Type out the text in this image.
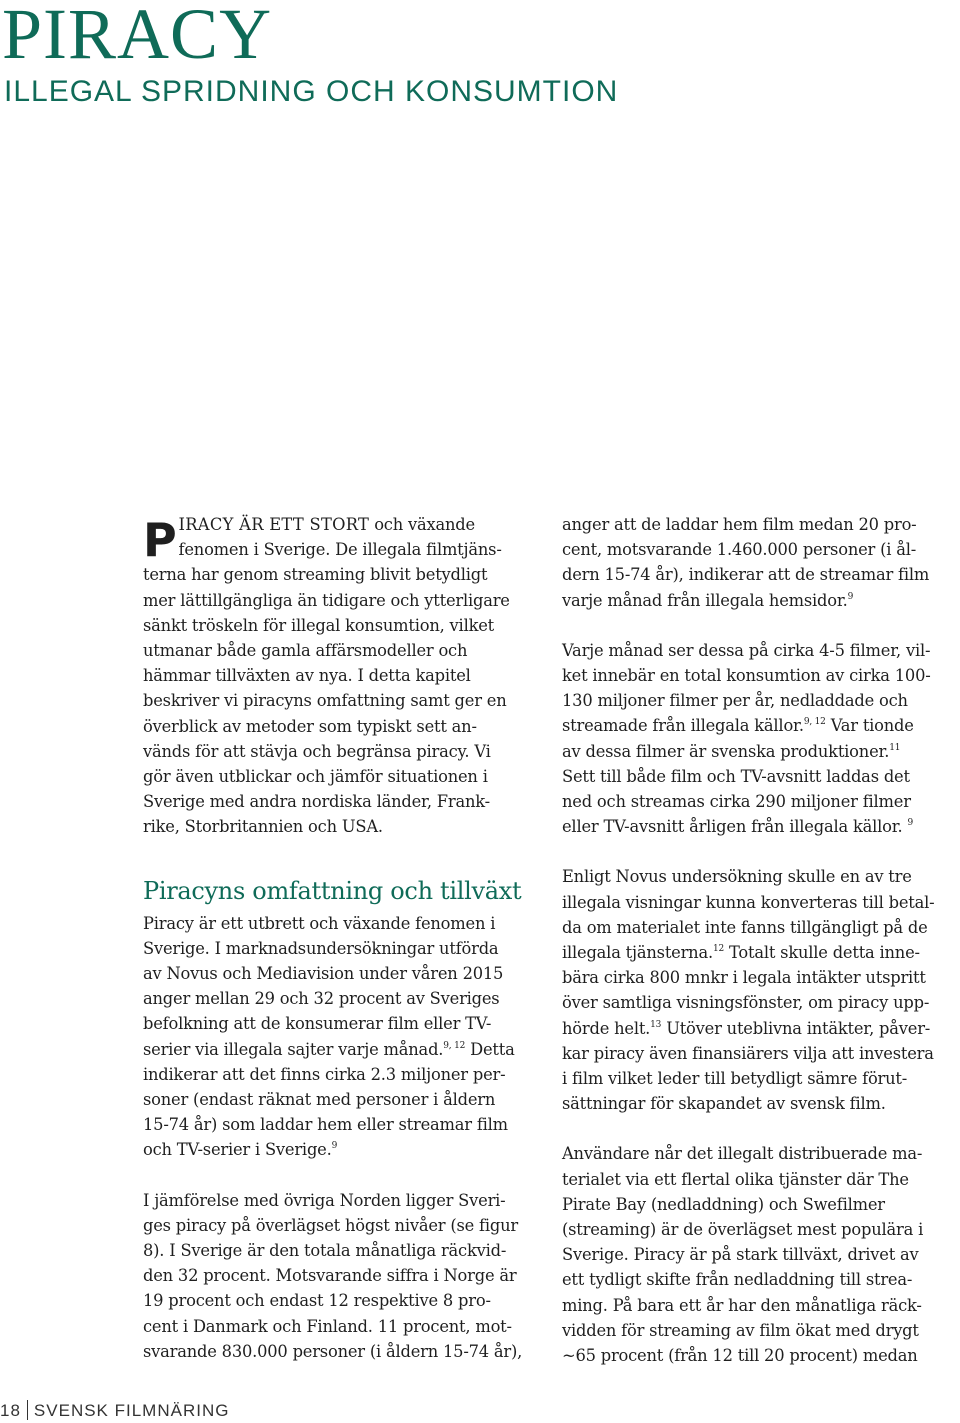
PIRACY
ILLEGAL SPRIDNING OCH KONSUMTION

PIRACY ÄR ETT STORT och växande
fenomen i Sverige. De illegala filmtjäns-
terna har genom streaming blivit betydligt
mer lättillgängliga än tidigare och ytterligare
sänkt tröskeln för illegal konsumtion, vilket
utmanar både gamla affärsmodeller och
hämmar tillväxten av nya. I detta kapitel
beskriver vi piracyns omfattning samt ger en
överblick av metoder som typiskt sett an-
vänds för att stävja och begränsa piracy. Vi
gör även utblickar och jämför situationen i
Sverige med andra nordiska länder, Frank-
rike, Storbritannien och USA.

Piracyns omfattning och tillväxt

Piracy är ett utbrett och växande fenomen i
Sverige. I marknadsundersökningar utförda
av Novus och Mediavision under våren 2015
anger mellan 29 och 32 procent av Sveriges
befolkning att de konsumerar film eller TV-
serier via illegala sajter varje månad.$^{9, 12}$ Detta
indikerar att det finns cirka 2.3 miljoner per-
soner (endast räknat med personer i åldern
15-74 år) som laddar hem eller streamar film
och TV-serier i Sverige.$^9$

I jämförelse med övriga Norden ligger Sveri-
ges piracy på överlägset högst nivåer (se figur
8). I Sverige är den totala månatliga räckvid-
den 32 procent. Motsvarande siffra i Norge är
19 procent och endast 12 respektive 8 pro-
cent i Danmark och Finland. 11 procent, mot-
svarande 830.000 personer (i åldern 15-74 år),

anger att de laddar hem film medan 20 pro-
cent, motsvarande 1.460.000 personer (i ål-
dern 15-74 år), indikerar att de streamar film
varje månad från illegala hemsidor.$^9$

Varje månad ser dessa på cirka 4-5 filmer, vil-
ket innebär en total konsumtion av cirka 100-
130 miljoner filmer per år, nedladdade och
streamade från illegala källor.$^{9, 12}$ Var tionde
av dessa filmer är svenska produktioner.$^{11}$
Sett till både film och TV-avsnitt laddas det
ned och streamas cirka 290 miljoner filmer
eller TV-avsnitt årligen från illegala källor. $^9$

Enligt Novus undersökning skulle en av tre
illegala visningar kunna konverteras till betal-
da om materialet inte fanns tillgängligt på de
illegala tjänsterna.$^{12}$ Totalt skulle detta inne-
bära cirka 800 mnkr i legala intäkter utspritt
över samtliga visningsfönster, om piracy upp-
hörde helt.$^{13}$ Utöver uteblivna intäkter, påver-
kar piracy även finansiärers vilja att investera
i film vilket leder till betydligt sämre förut-
sättningar för skapandet av svensk film.

Användare når det illegalt distribuerade ma-
terialet via ett flertal olika tjänster där The
Pirate Bay (nedladdning) och Swefilmer
(streaming) är de överlägset mest populära i
Sverige. Piracy är på stark tillväxt, drivet av
ett tydligt skifte från nedladdning till strea-
ming. På bara ett år har den månatliga räck-
vidden för streaming av film ökat med drygt
~65 procent (från 12 till 20 procent) medan

18 SVENSK FILMNÄRING
